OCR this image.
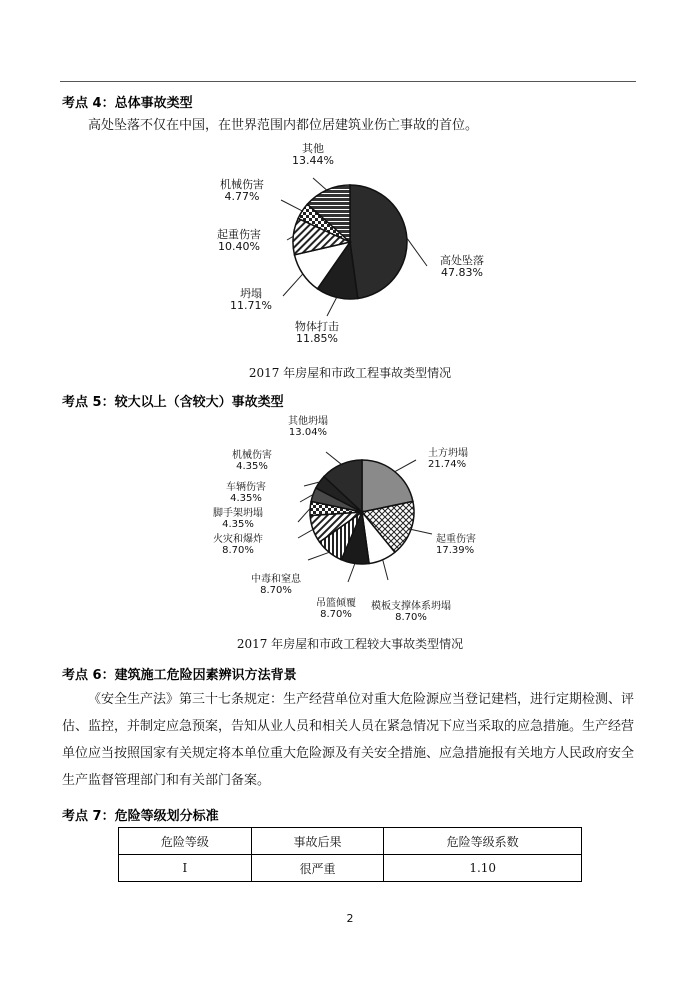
考点 4：总体事故类型
高处坠落不仅在中国，在世界范围内都位居建筑业伤亡事故的首位。
高处坠落
47.83%
物体打击
11.85%
坍塌
11.71%
起重伤害
10.40%
机械伤害
4.77%
其他
13.44%
2017 年房屋和市政工程事故类型情况
考点 5：较大以上（含较大）事故类型
土方坍塌
21.74%
起重伤害
17.39%
模板支撑体系坍塌
8.70%
吊篮倾覆
8.70%
中毒和窒息
8.70%
火灾和爆炸
8.70%
脚手架坍塌
4.35%
车辆伤害
4.35%
机械伤害
4.35%
其他坍塌
13.04%
2017 年房屋和市政工程较大事故类型情况
考点 6：建筑施工危险因素辨识方法背景
《安全生产法》第三十七条规定：生产经营单位对重大危险源应当登记建档，进行定期检测、评估、监控，并制定应急预案，告知从业人员和相关人员在紧急情况下应当采取的应急措施。生产经营单位应当按照国家有关规定将本单位重大危险源及有关安全措施、应急措施报有关地方人民政府安全生产监督管理部门和有关部门备案。
考点 7：危险等级划分标准
危险等级	事故后果	危险等级系数
Ⅰ	很严重	1.10
2
